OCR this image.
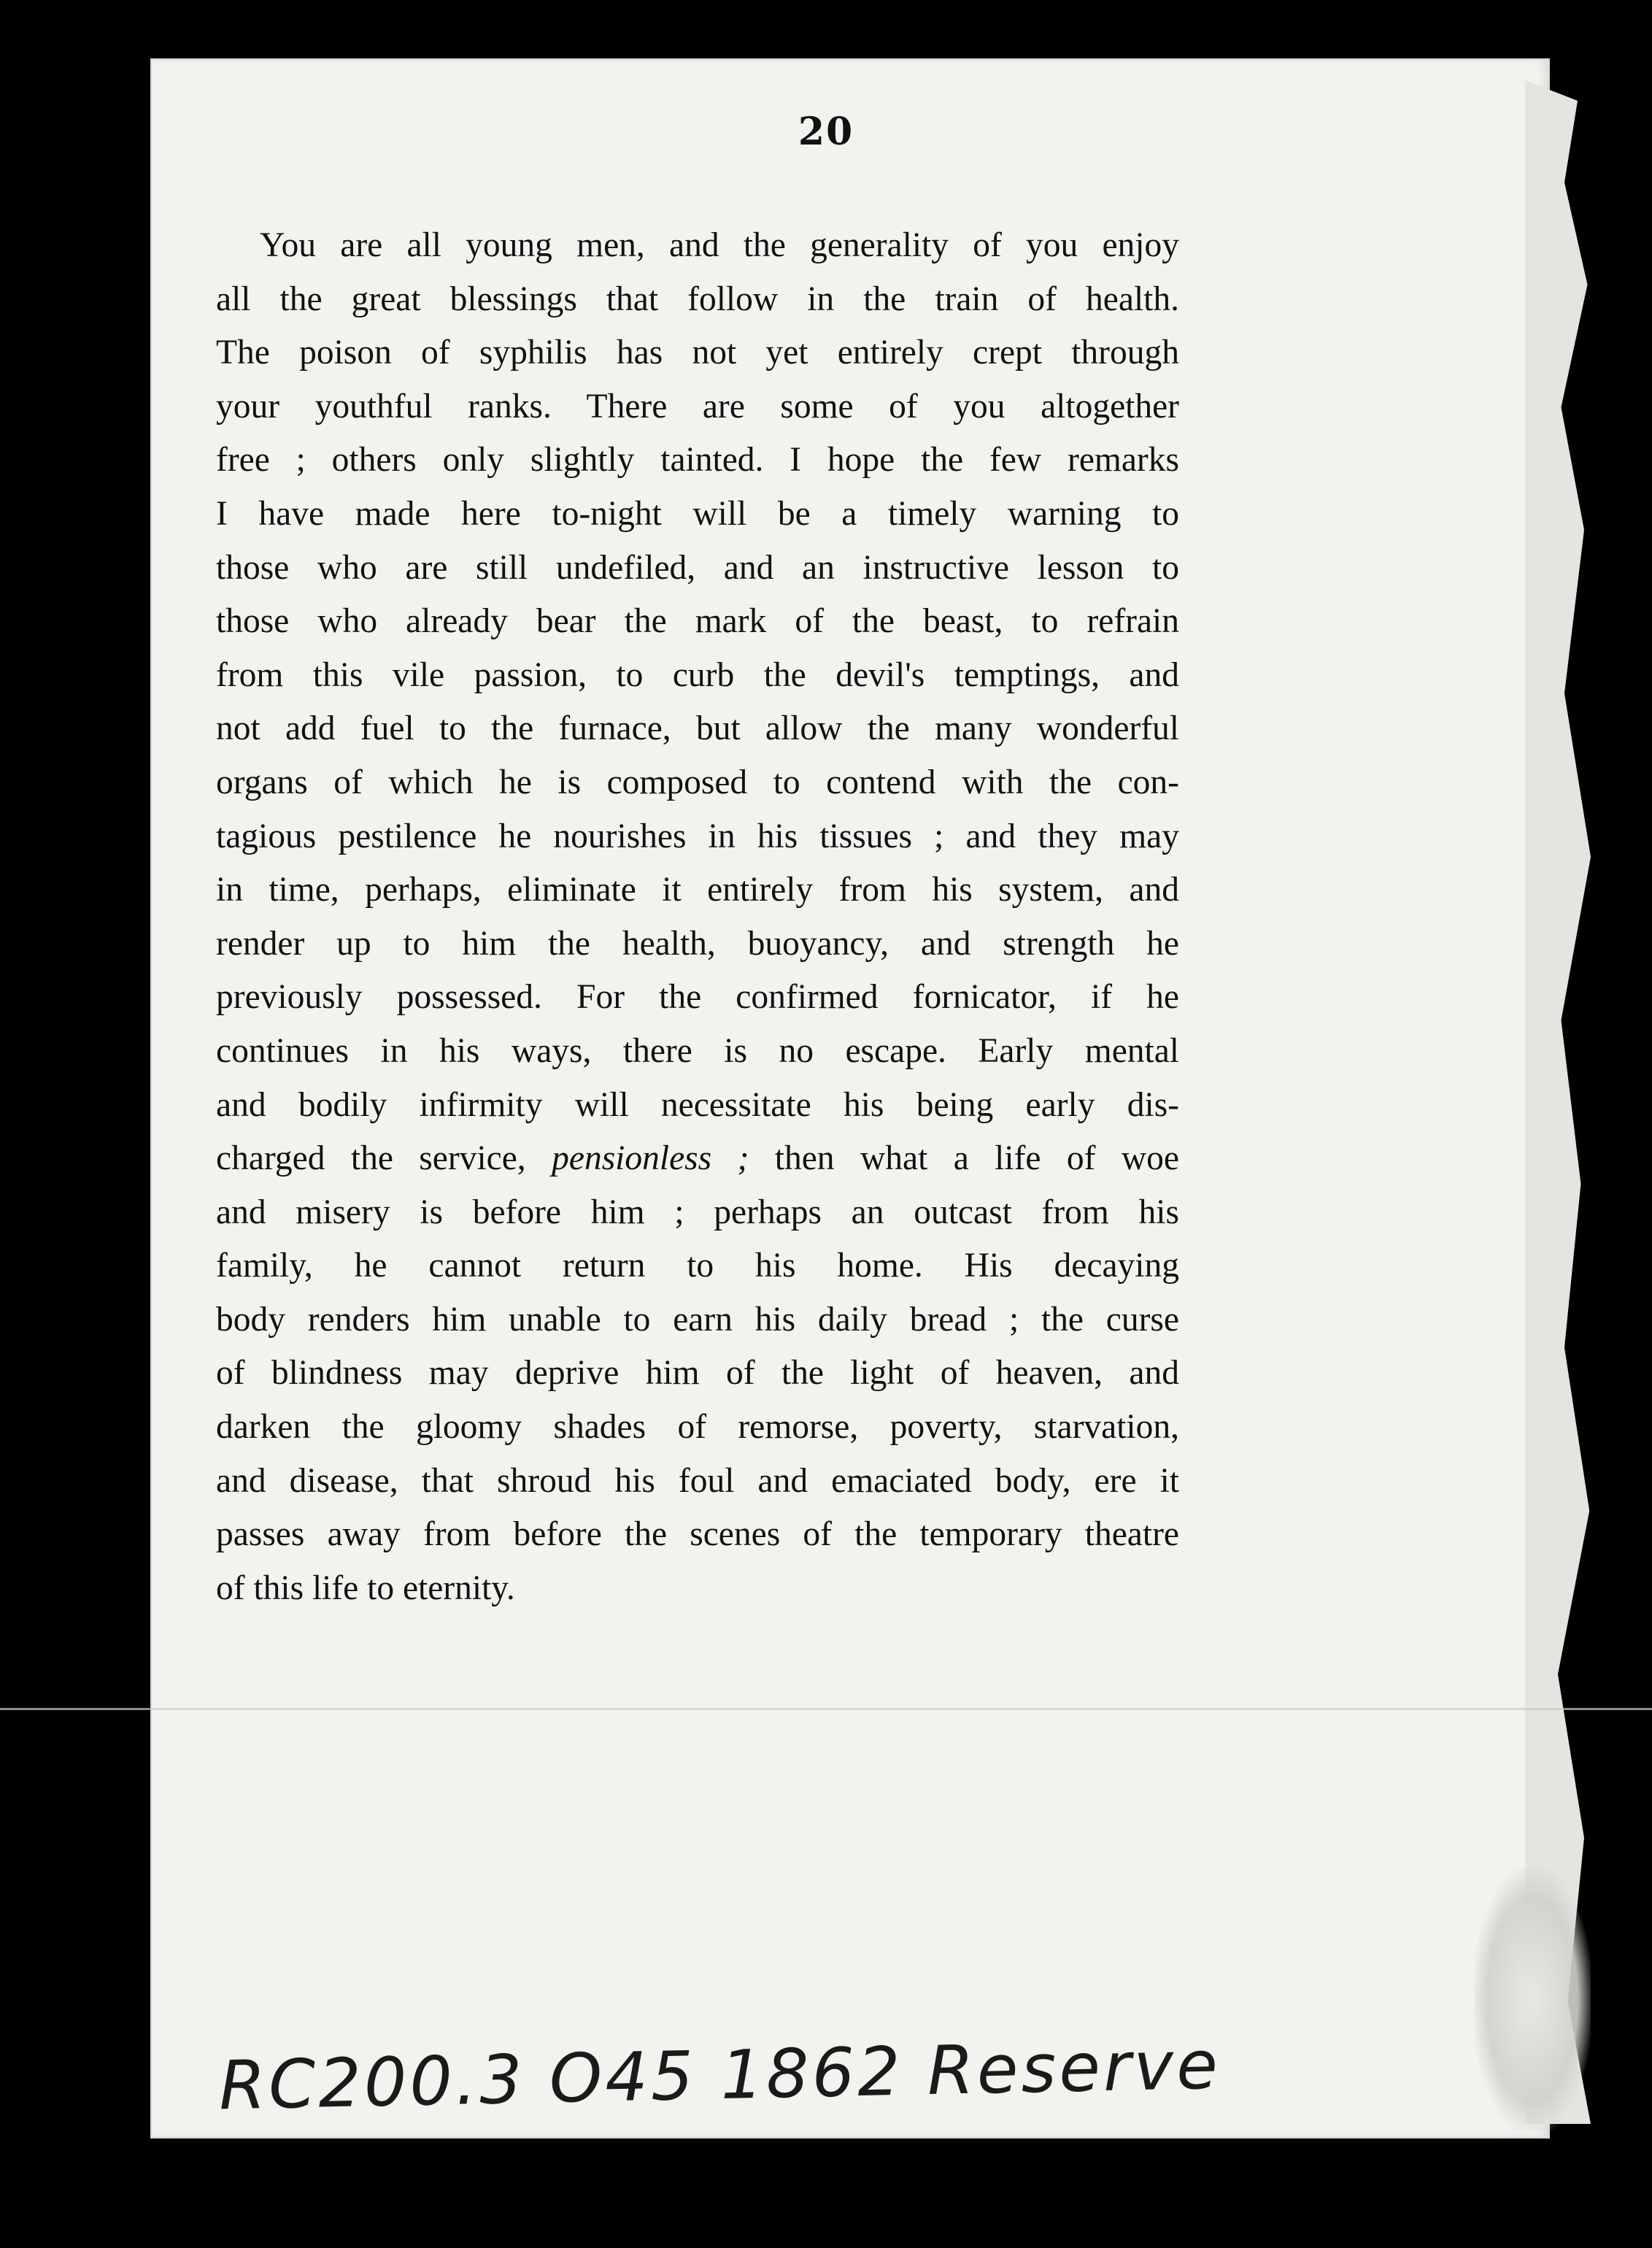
20
You are all young men, and the generality of you enjoy
all the great blessings that follow in the train of health.
The poison of syphilis has not yet entirely crept through
your youthful ranks. There are some of you altogether
free ; others only slightly tainted. I hope the few remarks
I have made here to-night will be a timely warning to
those who are still undefiled, and an instructive lesson to
those who already bear the mark of the beast, to refrain
from this vile passion, to curb the devil's temptings, and
not add fuel to the furnace, but allow the many wonderful
organs of which he is composed to contend with the con-
tagious pestilence he nourishes in his tissues ; and they may
in time, perhaps, eliminate it entirely from his system, and
render up to him the health, buoyancy, and strength he
previously possessed. For the confirmed fornicator, if he
continues in his ways, there is no escape. Early mental
and bodily infirmity will necessitate his being early dis-
charged the service, pensionless ; then what a life of woe
and misery is before him ; perhaps an outcast from his
family, he cannot return to his home. His decaying
body renders him unable to earn his daily bread ; the curse
of blindness may deprive him of the light of heaven, and
darken the gloomy shades of remorse, poverty, starvation,
and disease, that shroud his foul and emaciated body, ere it
passes away from before the scenes of the temporary theatre
of this life to eternity.
RC200.3 O45 1862 Reserve
